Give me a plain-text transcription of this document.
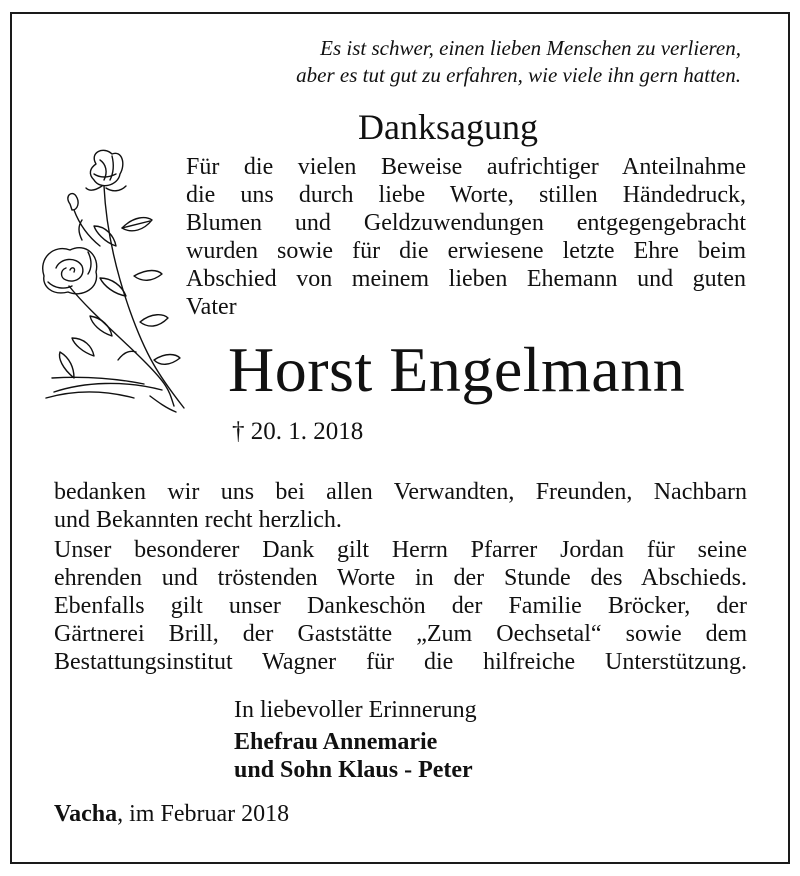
Es ist schwer, einen lieben Menschen zu verlieren,
aber es tut gut zu erfahren, wie viele ihn gern hatten.
Danksagung
Für die vielen Beweise aufrichtiger Anteilnahme
die uns durch liebe Worte, stillen Händedruck,
Blumen und Geldzuwendungen entgegengebracht
wurden sowie für die erwiesene letzte Ehre beim
Abschied von meinem lieben Ehemann und guten
Vater
Horst Engelmann
† 20. 1. 2018
bedanken wir uns bei allen Verwandten, Freunden, Nachbarn
und Bekannten recht herzlich.
Unser besonderer Dank gilt Herrn Pfarrer Jordan für seine
ehrenden und tröstenden Worte in der Stunde des Abschieds.
Ebenfalls gilt unser Dankeschön der Familie Bröcker, der
Gärtnerei Brill, der Gaststätte „Zum Oechsetal“ sowie dem
Bestattungsinstitut Wagner für die hilfreiche Unterstützung.
In liebevoller Erinnerung
Ehefrau Annemarie
und Sohn Klaus - Peter
Vacha, im Februar 2018
